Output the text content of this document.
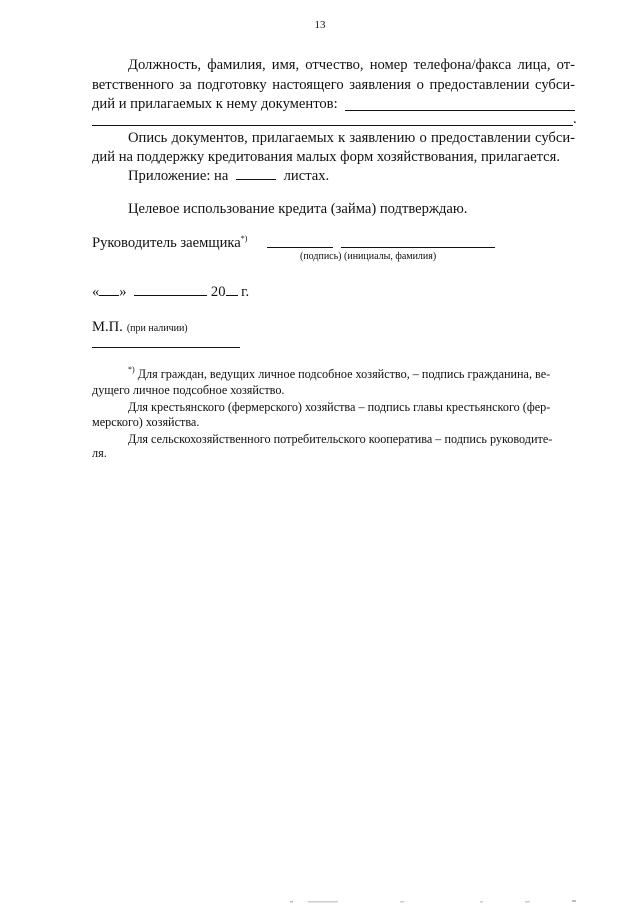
13
Должность, фамилия, имя, отчество, номер телефона/факса лица, от-
ветственного за подготовку настоящего заявления о предоставлении субси-
дий и прилагаемых к нему документов:
.
Опись документов, прилагаемых к заявлению о предоставлении субси-
дий на поддержку кредитования малых форм хозяйствования, прилагается.
Приложение: на	листах.
Целевое использование кредита (займа) подтверждаю.
Руководитель заемщика*)
(подпись) (инициалы, фамилия)
« »	20 г.
М.П. (при наличии)
*) Для граждан, ведущих личное подсобное хозяйство, – подпись гражданина, ве-
дущего личное подсобное хозяйство.
Для крестьянского (фермерского) хозяйства – подпись главы крестьянского (фер-
мерского) хозяйства.
Для сельскохозяйственного потребительского кооператива – подпись руководите-
ля.
